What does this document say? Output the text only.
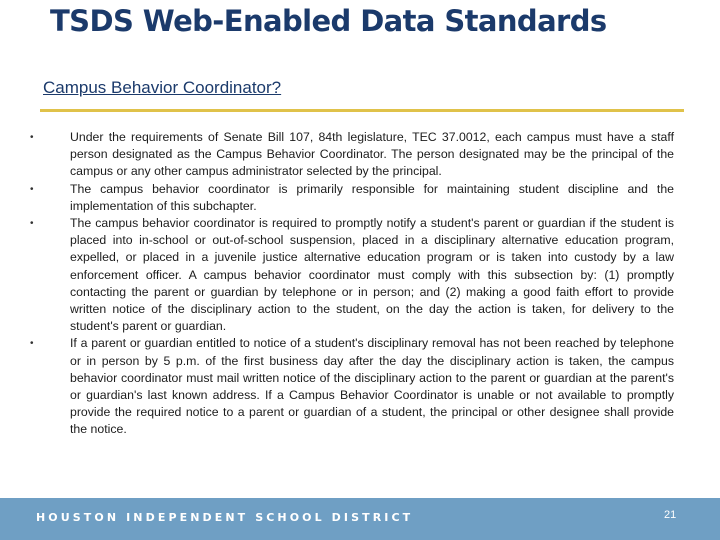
TSDS Web-Enabled Data Standards
Campus Behavior Coordinator?
•	Under the requirements of Senate Bill 107, 84th legislature, TEC 37.0012, each campus must have a staff person designated as the Campus Behavior Coordinator. The person designated may be the principal of the campus or any other campus administrator selected by the principal.
•	The campus behavior coordinator is primarily responsible for maintaining student discipline and the implementation of this subchapter.
•	The campus behavior coordinator is required to promptly notify a student's parent or guardian if the student is placed into in-school or out-of-school suspension, placed in a disciplinary alternative education program, expelled, or placed in a juvenile justice alternative education program or is taken into custody by a law enforcement officer. A campus behavior coordinator must comply with this subsection by: (1) promptly contacting the parent or guardian by telephone or in person; and (2) making a good faith effort to provide written notice of the disciplinary action to the student, on the day the action is taken, for delivery to the student's parent or guardian.
•	If a parent or guardian entitled to notice of a student's disciplinary removal has not been reached by telephone or in person by 5 p.m. of the first business day after the day the disciplinary action is taken, the campus behavior coordinator must mail written notice of the disciplinary action to the parent or guardian at the parent's or guardian's last known address. If a Campus Behavior Coordinator is unable or not available to promptly provide the required notice to a parent or guardian of a student, the principal or other designee shall provide the notice.
HOUSTON INDEPENDENT SCHOOL DISTRICT	21
